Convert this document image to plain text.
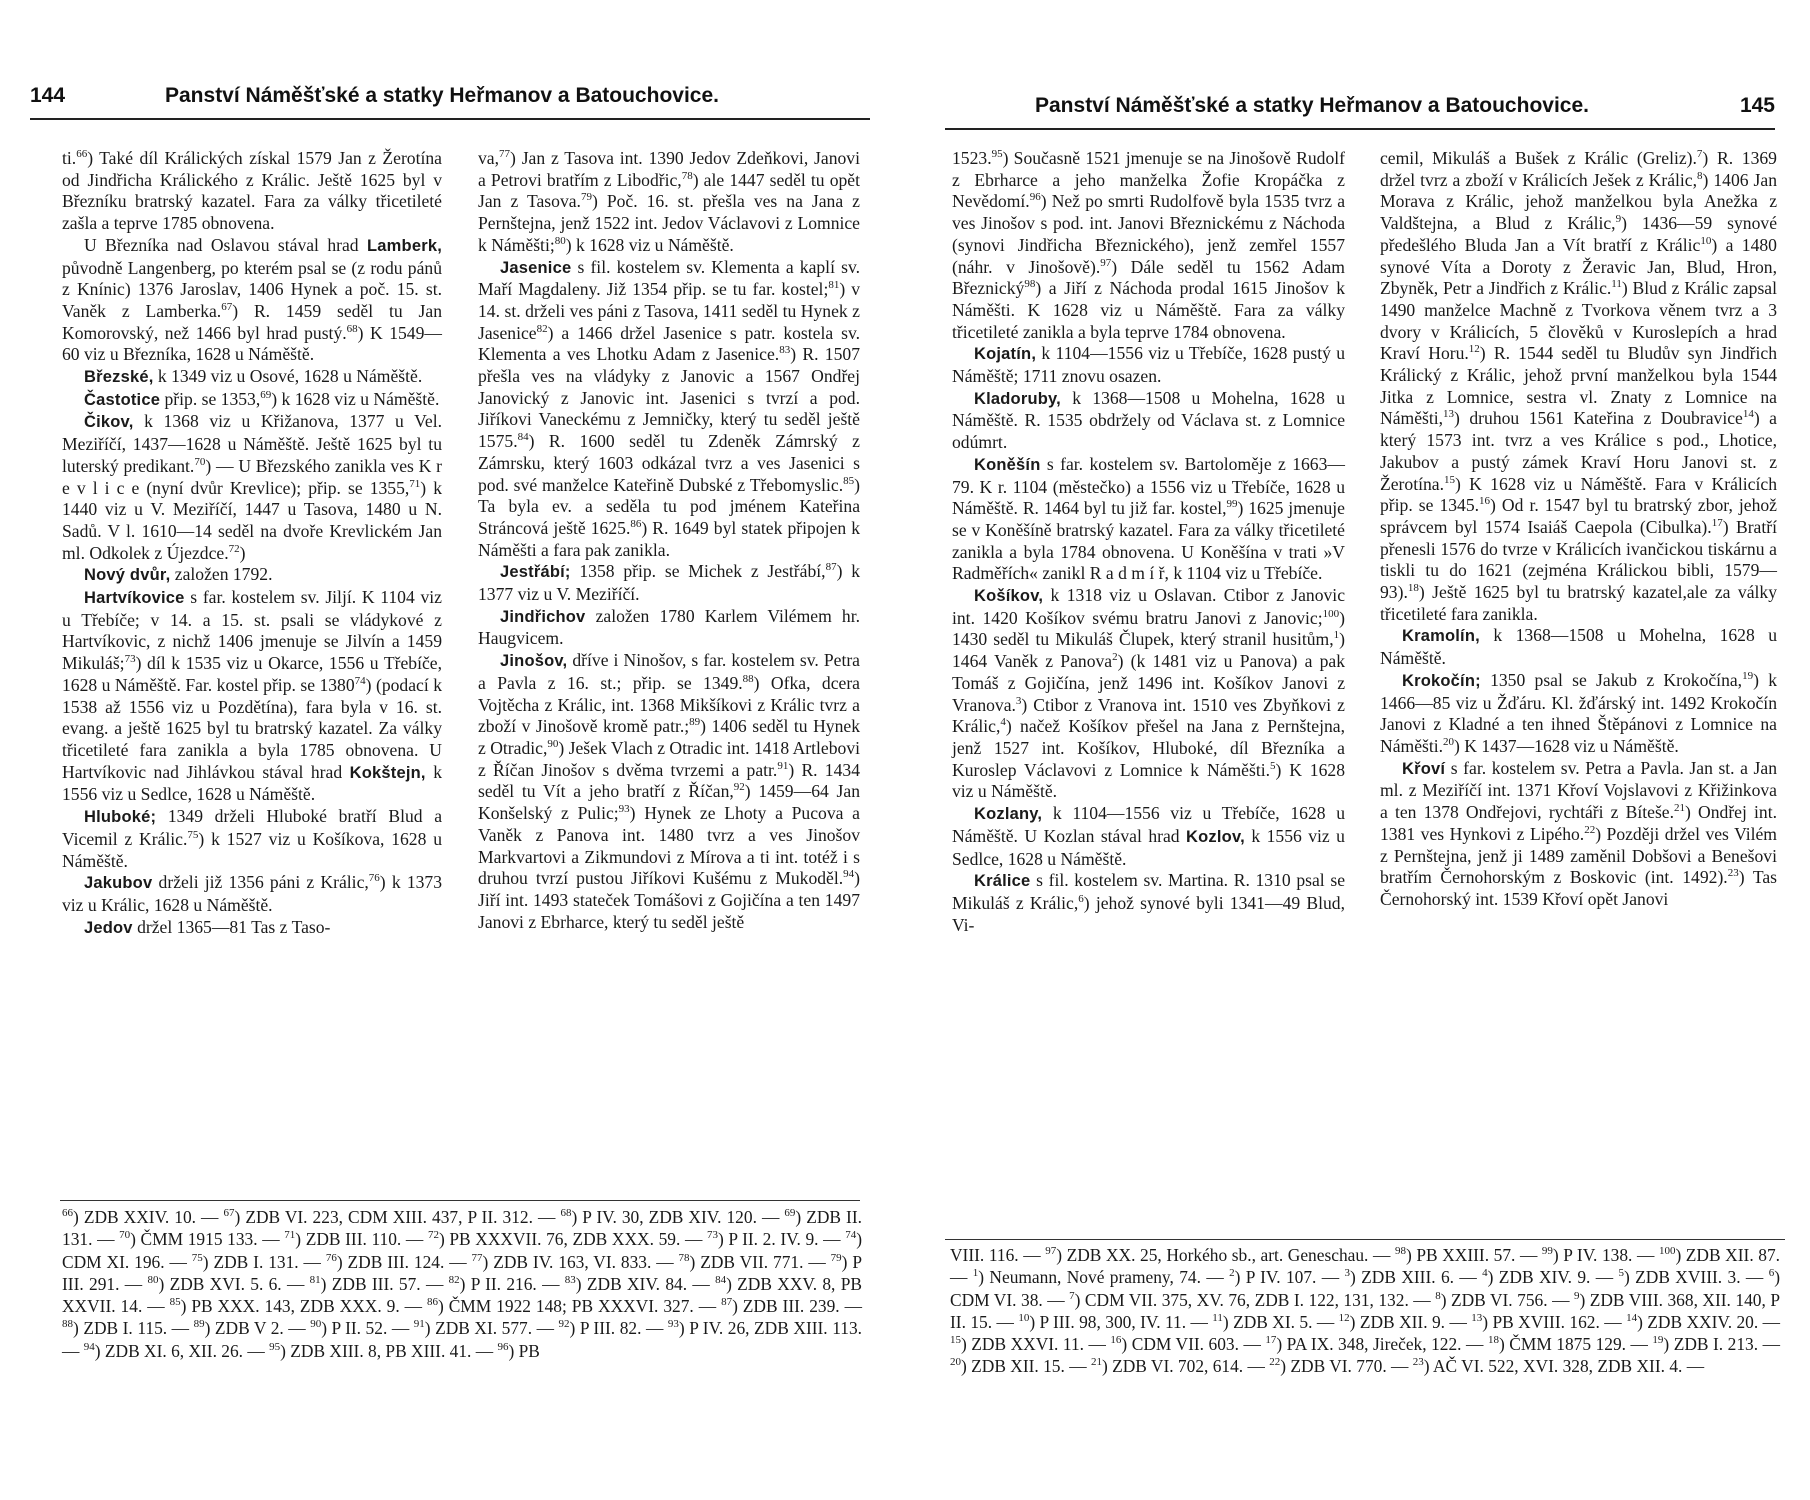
144	Panství Náměšťské a statky Heřmanov a Batouchovice.

ti.$^{66}$) Také díl Králických získal 1579 Jan z Žerotína od Jindřicha Králického z Králic. Ještě 1625 byl v Březníku bratrský kazatel. Fara za války třicetileté zašla a teprve 1785 obnovena.

U Březníka nad Oslavou stával hrad Lamberk, původně Langenberg, po kterém psal se (z rodu pánů z Knínic) 1376 Jaroslav, 1406 Hynek a poč. 15. st. Vaněk z Lamberka.$^{67}$) R. 1459 seděl tu Jan Komorovský, než 1466 byl hrad pustý.$^{68}$) K 1549—60 viz u Březníka, 1628 u Náměště.

Březské, k 1349 viz u Osové, 1628 u Náměště.

Častotice přip. se 1353,69) k 1628 viz u Náměště.

Čikov, k 1368 viz u Křižanova, 1377 u Vel. Meziříčí, 1437—1628 u Náměště. Ještě 1625 byl tu luterský predikant.$^{70}$) — U Březského zanikla ves K r e v l i c e (nyní dvůr Krevlice); přip. se 1355,71) k 1440 viz u V. Meziříčí, 1447 u Tasova, 1480 u N. Sadů. V l. 1610—14 seděl na dvoře Krevlickém Jan ml. Odkolek z Újezdce.$^{72}$)

Nový dvůr, založen 1792.

Hartvíkovice s far. kostelem sv. Jiljí. K 1104 viz u Třebíče; v 14. a 15. st. psali se vládykové z Hartvíkovic, z nichž 1406 jmenuje se Jilvín a 1459 Mikuláš;$^{73}$) díl k 1535 viz u Okarce, 1556 u Třebíče, 1628 u Náměště. Far. kostel přip. se 1380$^{74}$) (podací k 1538 až 1556 viz u Pozdětína), fara byla v 16. st. evang. a ještě 1625 byl tu bratrský kazatel. Za války třicetileté fara zanikla a byla 1785 obnovena. U Hartvíkovic nad Jihlávkou stával hrad Kokštejn, k 1556 viz u Sedlce, 1628 u Náměště.

Hluboké; 1349 drželi Hluboké bratří Blud a Vicemil z Králic.$^{75}$) k 1527 viz u Košíkova, 1628 u Náměště.

Jakubov drželi již 1356 páni z Králic,$^{76}$) k 1373 viz u Králic, 1628 u Náměště.

Jedov držel 1365—81 Tas z Taso-

va,$^{77}$) Jan z Tasova int. 1390 Jedov Zdeňkovi, Janovi a Petrovi bratřím z Libodřic,$^{78}$) ale 1447 seděl tu opět Jan z Tasova.$^{79}$) Poč. 16. st. přešla ves na Jana z Pernštejna, jenž 1522 int. Jedov Václavovi z Lomnice k Náměšti;$^{80}$) k 1628 viz u Náměště.

Jasenice s fil. kostelem sv. Klementa a kaplí sv. Maří Magdaleny. Již 1354 přip. se tu far. kostel;$^{81}$) v 14. st. drželi ves páni z Tasova, 1411 seděl tu Hynek z Jasenice$^{82}$) a 1466 držel Jasenice s patr. kostela sv. Klementa a ves Lhotku Adam z Jasenice.$^{83}$) R. 1507 přešla ves na vládyky z Janovic a 1567 Ondřej Janovický z Janovic int. Jasenici s tvrzí a pod. Jiříkovi Vaneckému z Jemničky, který tu seděl ještě 1575.84) R. 1600 seděl tu Zdeněk Zámrský z Zámrsku, který 1603 odkázal tvrz a ves Jasenici s pod. své manželce Kateřině Dubské z Třebomyslic.$^{85}$) Ta byla ev. a seděla tu pod jménem Kateřina Stráncová ještě 1625.86) R. 1649 byl statek připojen k Náměšti a fara pak zanikla.

Jestřábí; 1358 přip. se Michek z Jestřábí,$^{87}$) k 1377 viz u V. Meziříčí.

Jindřichov založen 1780 Karlem Vilémem hr. Haugvicem.

Jinošov, dříve i Ninošov, s far. kostelem sv. Petra a Pavla z 16. st.; přip. se 1349.88) Ofka, dcera Vojtěcha z Králic, int. 1368 Mikšíkovi z Králic tvrz a zboží v Jinošově kromě patr.;$^{89}$) 1406 seděl tu Hynek z Otradic,$^{90}$) Ješek Vlach z Otradic int. 1418 Artlebovi z Říčan Jinošov s dvěma tvrzemi a patr.$^{91}$) R. 1434 seděl tu Vít a jeho bratří z Říčan,$^{92}$) 1459—64 Jan Konšelský z Pulic;$^{93}$) Hynek ze Lhoty a Pucova a Vaněk z Panova int. 1480 tvrz a ves Jinošov Markvartovi a Zikmundovi z Mírova a ti int. totéž i s druhou tvrzí pustou Jiříkovi Kušému z Mukoděl.$^{94}$) Jiří int. 1493 stateček Tomášovi z Gojičína a ten 1497 Janovi z Ebrharce, který tu seděl ještě

$^{66}$) ZDB XXIV. 10. — $^{67}$) ZDB VI. 223, CDM XIII. 437, P II. 312. — $^{68}$) P IV. 30, ZDB XIV. 120. — $^{69}$) ZDB II. 131. — $^{70}$) ČMM 1915 133. — $^{71}$) ZDB III. 110. — $^{72}$) PB XXXVII. 76, ZDB XXX. 59. — $^{73}$) P II. 2. IV. 9. — $^{74}$) CDM XI. 196. — $^{75}$) ZDB I. 131. — $^{76}$) ZDB III. 124. — $^{77}$) ZDB IV. 163, VI. 833. — $^{78}$) ZDB VII. 771. — $^{79}$) P III. 291. — $^{80}$) ZDB XVI. 5. 6. — $^{81}$) ZDB III. 57. — $^{82}$) P II. 216. — $^{83}$) ZDB XIV. 84. — $^{84}$) ZDB XXV. 8, PB XXVII. 14. — $^{85}$) PB XXX. 143, ZDB XXX. 9. — $^{86}$) ČMM 1922 148; PB XXXVI. 327. — $^{87}$) ZDB III. 239. — $^{88}$) ZDB I. 115. — $^{89}$) ZDB V 2. — $^{90}$) P II. 52. — $^{91}$) ZDB XI. 577. — $^{92}$) P III. 82. — $^{93}$) P IV. 26, ZDB XIII. 113. — $^{94}$) ZDB XI. 6, XII. 26. — $^{95}$) ZDB XIII. 8, PB XIII. 41. — $^{96}$) PB
Panství Náměšťské a statky Heřmanov a Batouchovice.	145

1523.95) Současně 1521 jmenuje se na Jinošově Rudolf z Ebrharce a jeho manželka Žofie Kropáčka z Nevědomí.$^{96}$) Než po smrti Rudolfově byla 1535 tvrz a ves Jinošov s pod. int. Janovi Březnickému z Náchoda (synovi Jindřicha Březnického), jenž zemřel 1557 (náhr. v Jinošově).$^{97}$) Dále seděl tu 1562 Adam Březnický$^{98}$) a Jiří z Náchoda prodal 1615 Jinošov k Náměšti. K 1628 viz u Náměště. Fara za války třicetileté zanikla a byla teprve 1784 obnovena.

Kojatín, k 1104—1556 viz u Třebíče, 1628 pustý u Náměště; 1711 znovu osazen.

Kladoruby, k 1368—1508 u Mohelna, 1628 u Náměště. R. 1535 obdržely od Václava st. z Lomnice odúmrt.

Koněšín s far. kostelem sv. Bartoloměje z 1663—79. K r. 1104 (městečko) a 1556 viz u Třebíče, 1628 u Náměště. R. 1464 byl tu již far. kostel,$^{99}$) 1625 jmenuje se v Koněšíně bratrský kazatel. Fara za války třicetileté zanikla a byla 1784 obnovena. U Koněšína v trati »V Radměřích« zanikl R a d m í ř, k 1104 viz u Třebíče.

Košíkov, k 1318 viz u Oslavan. Ctibor z Janovic int. 1420 Košíkov svému bratru Janovi z Janovic;$^{100}$) 1430 seděl tu Mikuláš Člupek, který stranil husitům,$^1$) 1464 Vaněk z Panova$^2$) (k 1481 viz u Panova) a pak Tomáš z Gojičína, jenž 1496 int. Košíkov Janovi z Vranova.$^3$) Ctibor z Vranova int. 1510 ves Zbyňkovi z Králic,$^4$) načež Košíkov přešel na Jana z Pernštejna, jenž 1527 int. Košíkov, Hluboké, díl Březníka a Kuroslep Václavovi z Lomnice k Náměšti.$^5$) K 1628 viz u Náměště.

Kozlany, k 1104—1556 viz u Třebíče, 1628 u Náměště. U Kozlan stával hrad Kozlov, k 1556 viz u Sedlce, 1628 u Náměště.

Králice s fil. kostelem sv. Martina. R. 1310 psal se Mikuláš z Králic,$^6$) jehož synové byli 1341—49 Blud, Vi-

cemil, Mikuláš a Bušek z Králic (Greliz).$^7$) R. 1369 držel tvrz a zboží v Králicích Ješek z Králic,$^8$) 1406 Jan Morava z Králic, jehož manželkou byla Anežka z Valdštejna, a Blud z Králic,$^9$) 1436—59 synové předešlého Bluda Jan a Vít bratří z Králic$^{10}$) a 1480 synové Víta a Doroty z Žeravic Jan, Blud, Hron, Zbyněk, Petr a Jindřich z Králic.$^{11}$) Blud z Králic zapsal 1490 manželce Machně z Tvorkova věnem tvrz a 3 dvory v Králicích, 5 člověků v Kuroslepích a hrad Kraví Horu.$^{12}$) R. 1544 seděl tu Bludův syn Jindřich Králický z Králic, jehož první manželkou byla 1544 Jitka z Lomnice, sestra vl. Znaty z Lomnice na Náměšti,$^{13}$) druhou 1561 Kateřina z Doubravice$^{14}$) a který 1573 int. tvrz a ves Králice s pod., Lhotice, Jakubov a pustý zámek Kraví Horu Janovi st. z Žerotína.$^{15}$) K 1628 viz u Náměště. Fara v Králicích přip. se 1345.16) Od r. 1547 byl tu bratrský zbor, jehož správcem byl 1574 Isaiáš Caepola (Cibulka).$^{17}$) Bratří přenesli 1576 do tvrze v Králicích ivančickou tiskárnu a tiskli tu do 1621 (zejména Králickou bibli, 1579—93).$^{18}$) Ještě 1625 byl tu bratrský kazatel,ale za války třicetileté fara zanikla.

Kramolín, k 1368—1508 u Mohelna, 1628 u Náměště.

Krokočín; 1350 psal se Jakub z Krokočína,$^{19}$) k 1466—85 viz u Žďáru. Kl. žďárský int. 1492 Krokočín Janovi z Kladné a ten ihned Štěpánovi z Lomnice na Náměšti.$^{20}$) K 1437—1628 viz u Náměště.

Křoví s far. kostelem sv. Petra a Pavla. Jan st. a Jan ml. z Meziříčí int. 1371 Křoví Vojslavovi z Křižinkova a ten 1378 Ondřejovi, rychtáři z Bíteše.$^{21}$) Ondřej int. 1381 ves Hynkovi z Lipého.$^{22}$) Později držel ves Vilém z Pernštejna, jenž ji 1489 zaměnil Dobšovi a Benešovi bratřím Černohorským z Boskovic (int. 1492).$^{23}$) Tas Černohorský int. 1539 Křoví opět Janovi

VIII. 116. — $^{97}$) ZDB XX. 25, Horkého sb., art. Geneschau. — $^{98}$) PB XXIII. 57. — $^{99}$) P IV. 138. — $^{100}$) ZDB XII. 87. — $^1$) Neumann, Nové prameny, 74. — $^2$) P IV. 107. — $^3$) ZDB XIII. 6. — $^4$) ZDB XIV. 9. — $^5$) ZDB XVIII. 3. — $^6$) CDM VI. 38. — $^7$) CDM VII. 375, XV. 76, ZDB I. 122, 131, 132. — $^8$) ZDB VI. 756. — $^9$) ZDB VIII. 368, XII. 140, P II. 15. — $^{10}$) P III. 98, 300, IV. 11. — $^{11}$) ZDB XI. 5. — $^{12}$) ZDB XII. 9. — $^{13}$) PB XVIII. 162. — $^{14}$) ZDB XXIV. 20. — $^{15}$) ZDB XXVI. 11. — $^{16}$) CDM VII. 603. — $^{17}$) PA IX. 348, Jireček, 122. — $^{18}$) ČMM 1875 129. — $^{19}$) ZDB I. 213. — $^{20}$) ZDB XII. 15. — $^{21}$) ZDB VI. 702, 614. — $^{22}$) ZDB VI. 770. — $^{23}$) AČ VI. 522, XVI. 328, ZDB XII. 4. —
